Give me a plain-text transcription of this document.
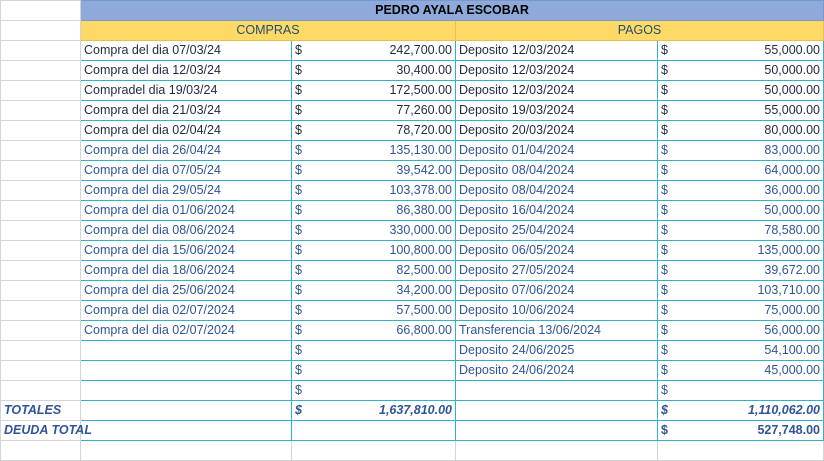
	PEDRO AYALA ESCOBAR			
	COMPRAS		PAGOS	
	Compra del dia 07/03/24	$ 242,700.00	Deposito 12/03/2024	$ 55,000.00

	Compra del dia 12/03/24	$ 30,400.00	Deposito 12/03/2024	$ 50,000.00

	Compradel dia 19/03/24	$ 172,500.00	Deposito 12/03/2024	$ 50,000.00

	Compra del dia 21/03/24	$ 77,260.00	Deposito 19/03/2024	$ 55,000.00

	Compra del dia 02/04/24	$ 78,720.00	Deposito 20/03/2024	$ 80,000.00

	Compra del dia 26/04/24	$ 135,130.00	Deposito 01/04/2024	$ 83,000.00

	Compra del dia 07/05/24	$ 39,542.00	Deposito 08/04/2024	$ 64,000.00

	Compra del dia 29/05/24	$ 103,378.00	Deposito 08/04/2024	$ 36,000.00

	Compra del dia 01/06/2024	$ 86,380.00	Deposito 16/04/2024	$ 50,000.00

	Compra del dia 08/06/2024	$ 330,000.00	Deposito 25/04/2024	$ 78,580.00

	Compra del dia 15/06/2024	$ 100,800.00	Deposito 06/05/2024	$ 135,000.00

	Compra del dia 18/06/2024	$ 82,500.00	Deposito 27/05/2024	$ 39,672.00

	Compra del dia 25/06/2024	$ 34,200.00	Deposito 07/06/2024	$ 103,710.00

	Compra del dia 02/07/2024	$ 57,500.00	Deposito 10/06/2024	$ 75,000.00

	Compra del dia 02/07/2024	$ 66,800.00	Transferencia 13/06/2024	$ 56,000.00

		$	Deposito 24/06/2025	$ 54,100.00

		$	Deposito 24/06/2024	$ 45,000.00

		$		$

TOTALES		$ 1,637,810.00		$ 1,110,062.00

DEUDA TOTAL				$ 527,748.00
